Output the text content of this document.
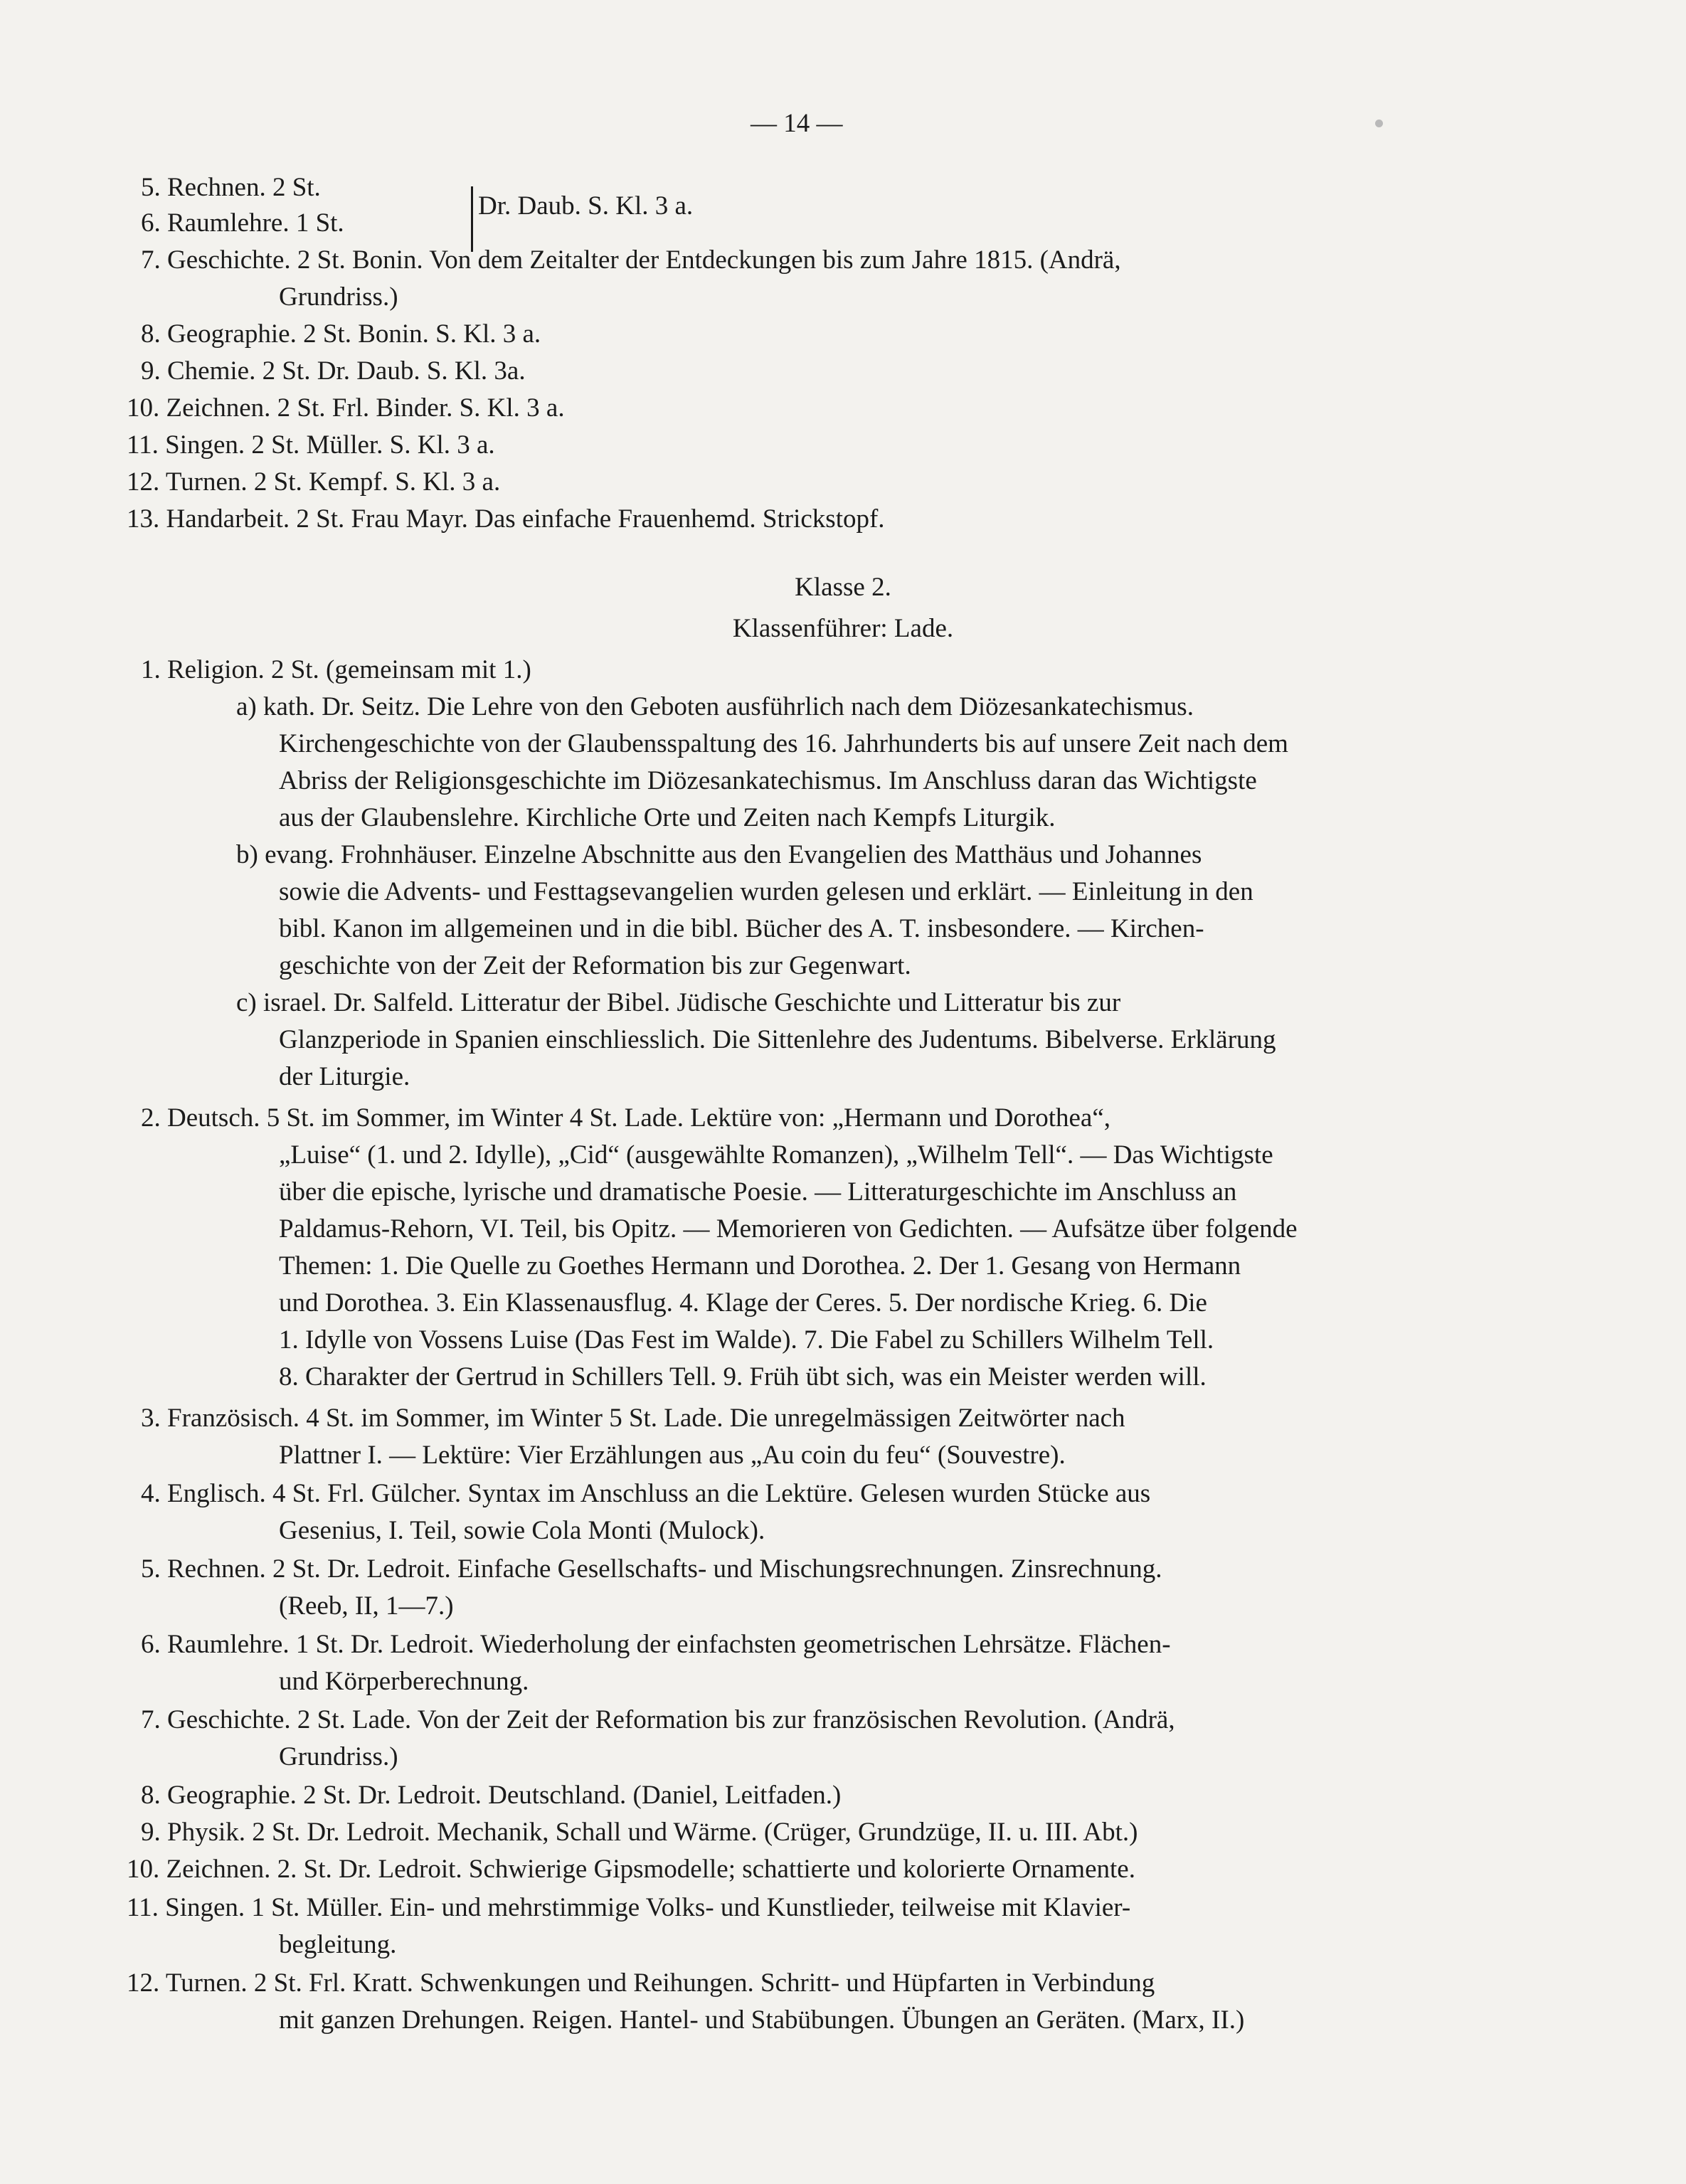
— 14 —
5. Rechnen. 2 St.
6. Raumlehre. 1 St.
Dr. Daub. S. Kl. 3 a.
7. Geschichte. 2 St. Bonin. Von dem Zeitalter der Entdeckungen bis zum Jahre 1815. (Andrä,
Grundriss.)
8. Geographie. 2 St. Bonin. S. Kl. 3 a.
9. Chemie. 2 St. Dr. Daub. S. Kl. 3a.
10. Zeichnen. 2 St. Frl. Binder. S. Kl. 3 a.
11. Singen. 2 St. Müller. S. Kl. 3 a.
12. Turnen. 2 St. Kempf. S. Kl. 3 a.
13. Handarbeit. 2 St. Frau Mayr. Das einfache Frauenhemd. Strickstopf.
Klasse 2.
Klassenführer: Lade.
1. Religion. 2 St. (gemeinsam mit 1.)
a) kath. Dr. Seitz. Die Lehre von den Geboten ausführlich nach dem Diözesankatechismus.
Kirchengeschichte von der Glaubensspaltung des 16. Jahrhunderts bis auf unsere Zeit nach dem
Abriss der Religionsgeschichte im Diözesankatechismus. Im Anschluss daran das Wichtigste
aus der Glaubenslehre. Kirchliche Orte und Zeiten nach Kempfs Liturgik.
b) evang. Frohnhäuser. Einzelne Abschnitte aus den Evangelien des Matthäus und Johannes
sowie die Advents- und Festtagsevangelien wurden gelesen und erklärt. — Einleitung in den
bibl. Kanon im allgemeinen und in die bibl. Bücher des A. T. insbesondere. — Kirchen-
geschichte von der Zeit der Reformation bis zur Gegenwart.
c) israel. Dr. Salfeld. Litteratur der Bibel. Jüdische Geschichte und Litteratur bis zur
Glanzperiode in Spanien einschliesslich. Die Sittenlehre des Judentums. Bibelverse. Erklärung
der Liturgie.
2. Deutsch. 5 St. im Sommer, im Winter 4 St. Lade. Lektüre von: „Hermann und Dorothea“,
„Luise“ (1. und 2. Idylle), „Cid“ (ausgewählte Romanzen), „Wilhelm Tell“. — Das Wichtigste
über die epische, lyrische und dramatische Poesie. — Litteraturgeschichte im Anschluss an
Paldamus-Rehorn, VI. Teil, bis Opitz. — Memorieren von Gedichten. — Aufsätze über folgende
Themen: 1. Die Quelle zu Goethes Hermann und Dorothea. 2. Der 1. Gesang von Hermann
und Dorothea. 3. Ein Klassenausflug. 4. Klage der Ceres. 5. Der nordische Krieg. 6. Die
1. Idylle von Vossens Luise (Das Fest im Walde). 7. Die Fabel zu Schillers Wilhelm Tell.
8. Charakter der Gertrud in Schillers Tell. 9. Früh übt sich, was ein Meister werden will.
3. Französisch. 4 St. im Sommer, im Winter 5 St. Lade. Die unregelmässigen Zeitwörter nach
Plattner I. — Lektüre: Vier Erzählungen aus „Au coin du feu“ (Souvestre).
4. Englisch. 4 St. Frl. Gülcher. Syntax im Anschluss an die Lektüre. Gelesen wurden Stücke aus
Gesenius, I. Teil, sowie Cola Monti (Mulock).
5. Rechnen. 2 St. Dr. Ledroit. Einfache Gesellschafts- und Mischungsrechnungen. Zinsrechnung.
(Reeb, II, 1—7.)
6. Raumlehre. 1 St. Dr. Ledroit. Wiederholung der einfachsten geometrischen Lehrsätze. Flächen-
und Körperberechnung.
7. Geschichte. 2 St. Lade. Von der Zeit der Reformation bis zur französischen Revolution. (Andrä,
Grundriss.)
8. Geographie. 2 St. Dr. Ledroit. Deutschland. (Daniel, Leitfaden.)
9. Physik. 2 St. Dr. Ledroit. Mechanik, Schall und Wärme. (Crüger, Grundzüge, II. u. III. Abt.)
10. Zeichnen. 2. St. Dr. Ledroit. Schwierige Gipsmodelle; schattierte und kolorierte Ornamente.
11. Singen. 1 St. Müller. Ein- und mehrstimmige Volks- und Kunstlieder, teilweise mit Klavier-
begleitung.
12. Turnen. 2 St. Frl. Kratt. Schwenkungen und Reihungen. Schritt- und Hüpfarten in Verbindung
mit ganzen Drehungen. Reigen. Hantel- und Stabübungen. Übungen an Geräten. (Marx, II.)
